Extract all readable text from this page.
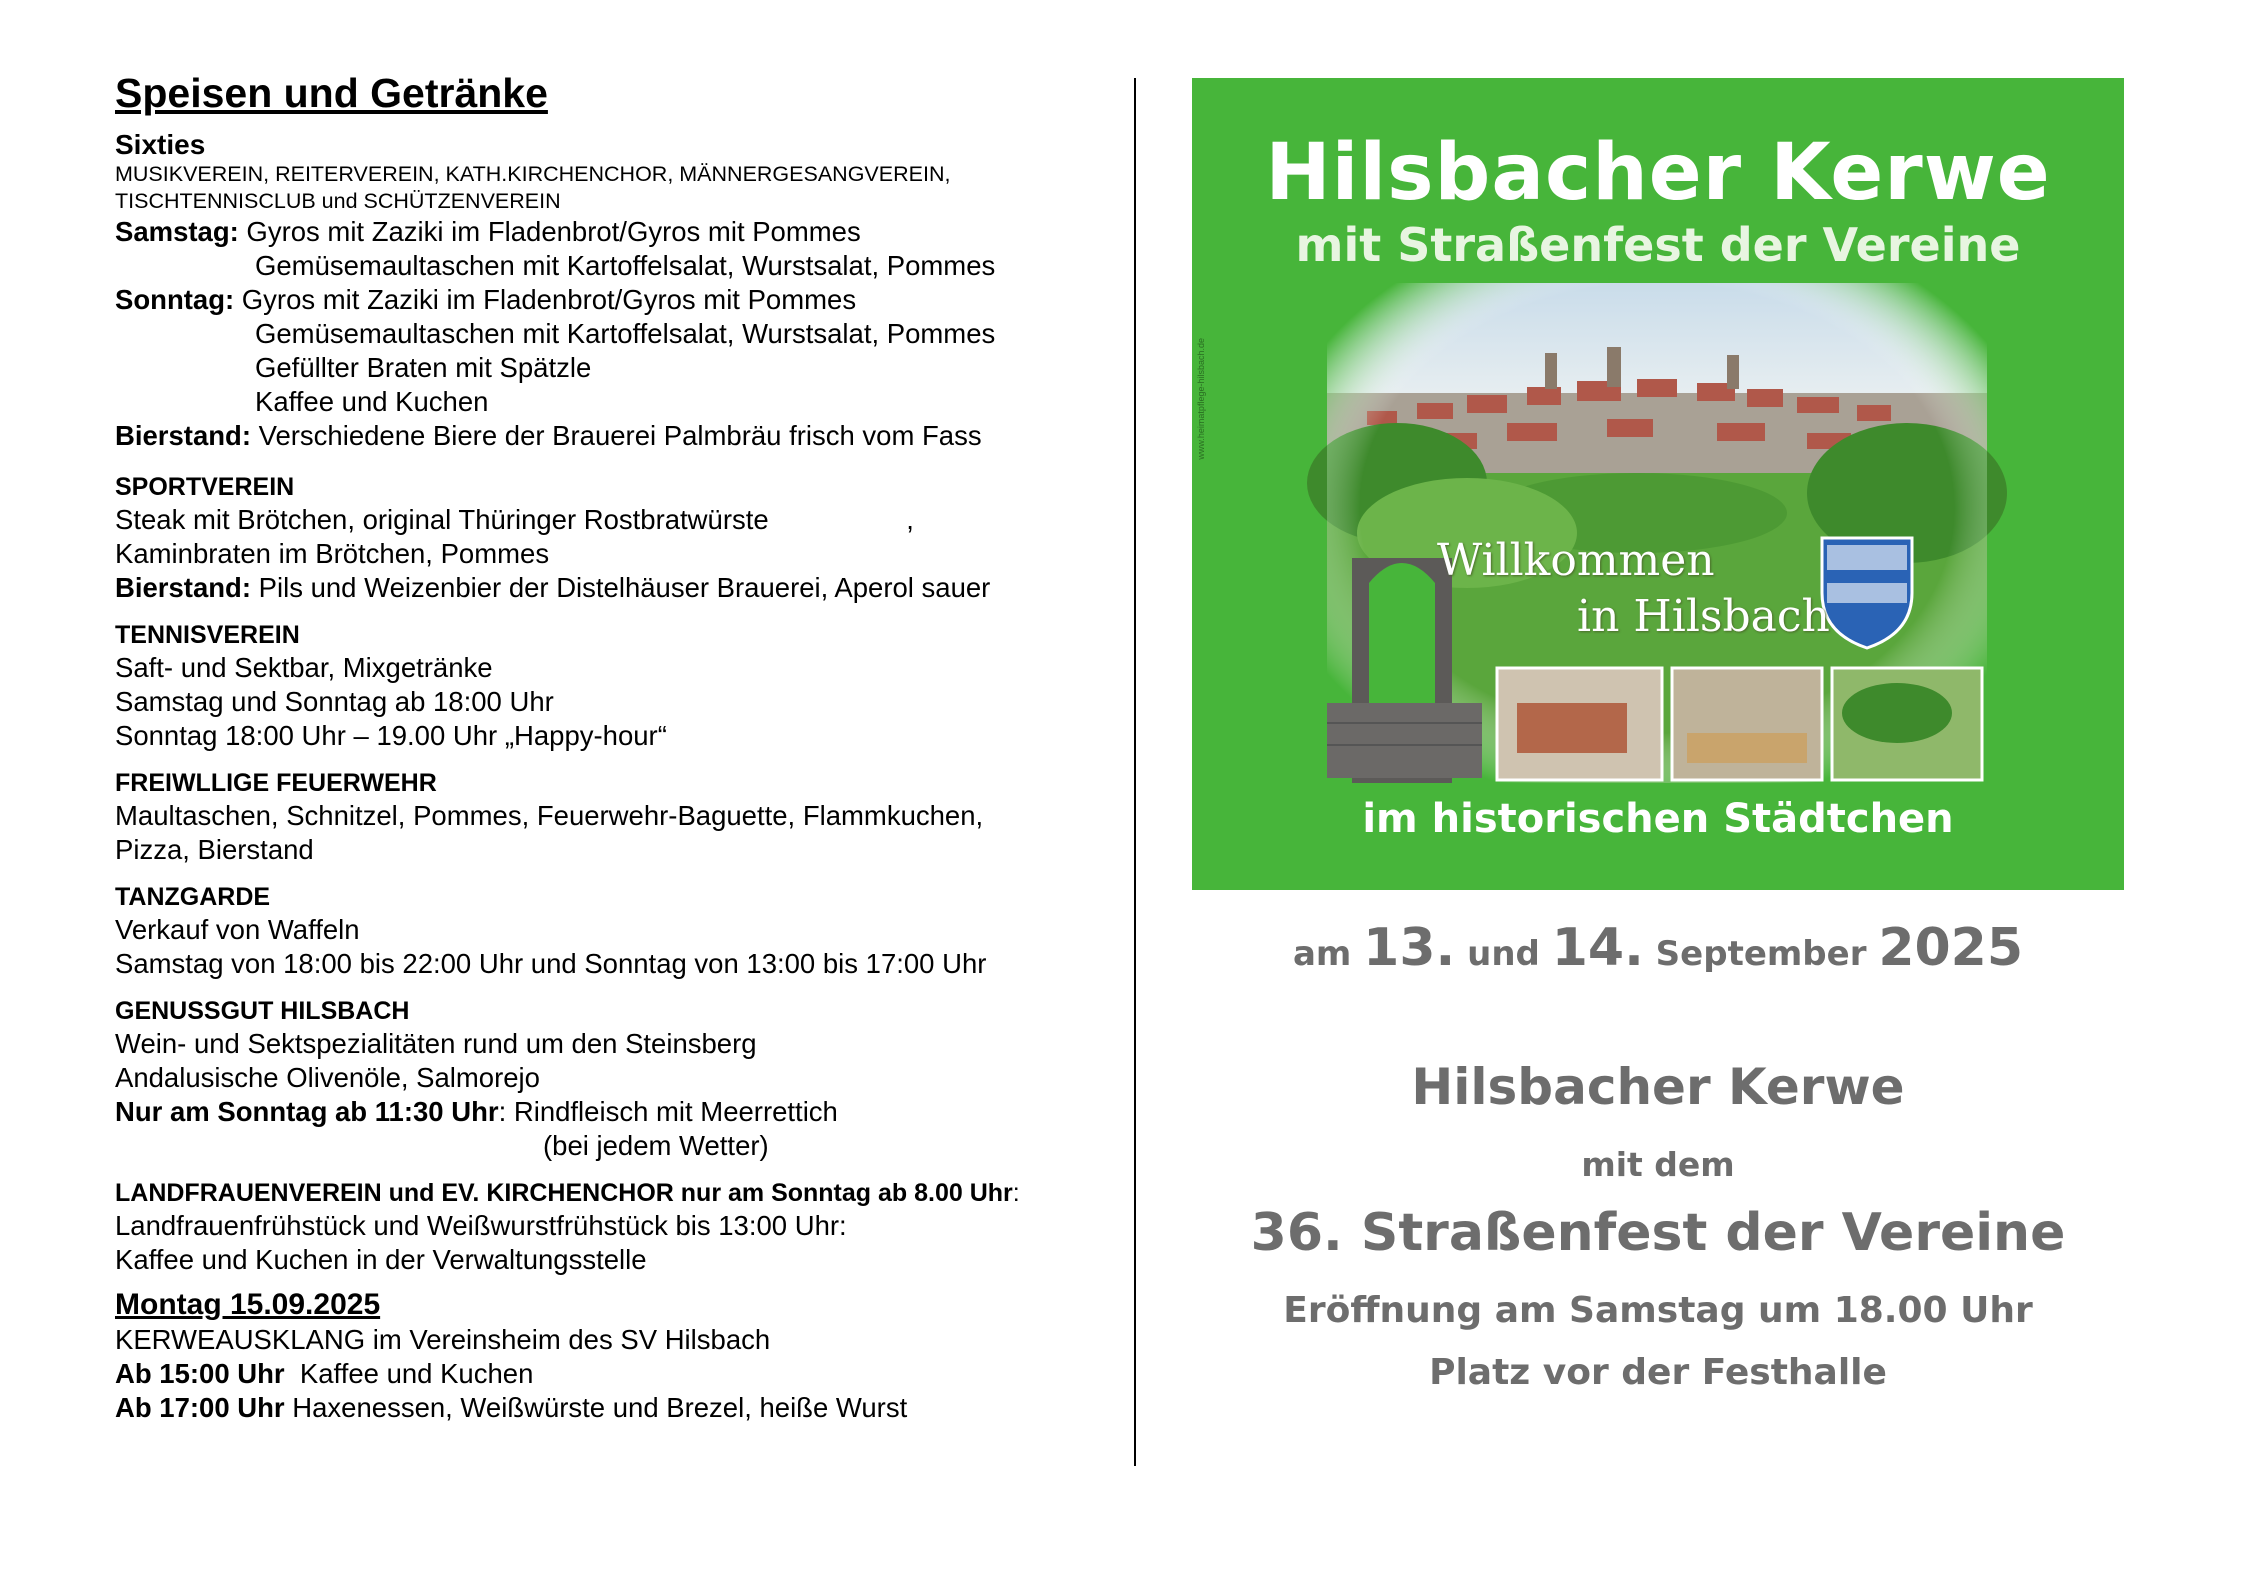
Speisen und Getränke
Sixties
MUSIKVEREIN, REITERVEREIN, KATH.KIRCHENCHOR, MÄNNERGESANGVEREIN,
TISCHTENNISCLUB und SCHÜTZENVEREIN
Samstag: Gyros mit Zaziki im Fladenbrot/Gyros mit Pommes
Gemüsemaultaschen mit Kartoffelsalat, Wurstsalat, Pommes
Sonntag: Gyros mit Zaziki im Fladenbrot/Gyros mit Pommes
Gemüsemaultaschen mit Kartoffelsalat, Wurstsalat, Pommes
Gefüllter Braten mit Spätzle
Kaffee und Kuchen
Bierstand: Verschiedene Biere der Brauerei Palmbräu frisch vom Fass
SPORTVEREIN
Steak mit Brötchen, original Thüringer Rostbratwürste                  ,
Kaminbraten im Brötchen, Pommes
Bierstand: Pils und Weizenbier der Distelhäuser Brauerei, Aperol sauer
TENNISVEREIN
Saft- und Sektbar, Mixgetränke
Samstag und Sonntag ab 18:00 Uhr
Sonntag 18:00 Uhr – 19.00 Uhr „Happy-hour“
FREIWLLIGE FEUERWEHR
Maultaschen, Schnitzel, Pommes, Feuerwehr-Baguette, Flammkuchen,
Pizza, Bierstand
TANZGARDE
Verkauf von Waffeln
Samstag von 18:00 bis 22:00 Uhr und Sonntag von 13:00 bis 17:00 Uhr
GENUSSGUT HILSBACH
Wein- und Sektspezialitäten rund um den Steinsberg
Andalusische Olivenöle, Salmorejo
Nur am Sonntag ab 11:30 Uhr: Rindfleisch mit Meerrettich
(bei jedem Wetter)
LANDFRAUENVEREIN und EV. KIRCHENCHOR nur am Sonntag ab 8.00 Uhr:
Landfrauenfrühstück und Weißwurstfrühstück bis 13:00 Uhr:
Kaffee und Kuchen in der Verwaltungsstelle
Montag 15.09.2025
KERWEAUSKLANG im Vereinsheim des SV Hilsbach
Ab 15:00 Uhr  Kaffee und Kuchen
Ab 17:00 Uhr Haxenessen, Weißwürste und Brezel, heiße Wurst
Hilsbacher Kerwe
mit Straßenfest der Vereine
www.heimatpflege-hilsbach.de
Willkommen
in Hilsbach
im historischen Städtchen
am 13. und 14. September 2025
Hilsbacher Kerwe
mit dem
36. Straßenfest der Vereine
Eröffnung am Samstag um 18.00 Uhr
Platz vor der Festhalle
